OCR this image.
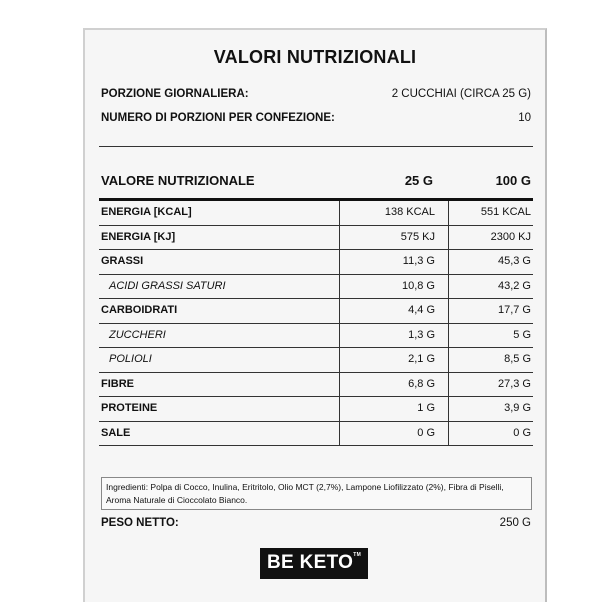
VALORI NUTRIZIONALI
PORZIONE GIORNALIERA:	2 CUCCHIAI (CIRCA 25 G)
NUMERO DI PORZIONI PER CONFEZIONE:	10
VALORE NUTRIZIONALE	25 G	100 G
ENERGIA [KCAL]	138 KCAL	551 KCAL
ENERGIA [KJ]	575 KJ	2300 KJ
GRASSI	11,3 G	45,3 G
ACIDI GRASSI SATURI	10,8 G	43,2 G
CARBOIDRATI	4,4 G	17,7 G
ZUCCHERI	1,3 G	5 G
POLIOLI	2,1 G	8,5 G
FIBRE	6,8 G	27,3 G
PROTEINE	1 G	3,9 G
SALE	0 G	0 G
Ingredienti: Polpa di Cocco, Inulina, Eritritolo, Olio MCT (2,7%), Lampone Liofilizzato (2%), Fibra di Piselli, Aroma Naturale di Cioccolato Bianco.
PESO NETTO:	250 G
BE KETO™
